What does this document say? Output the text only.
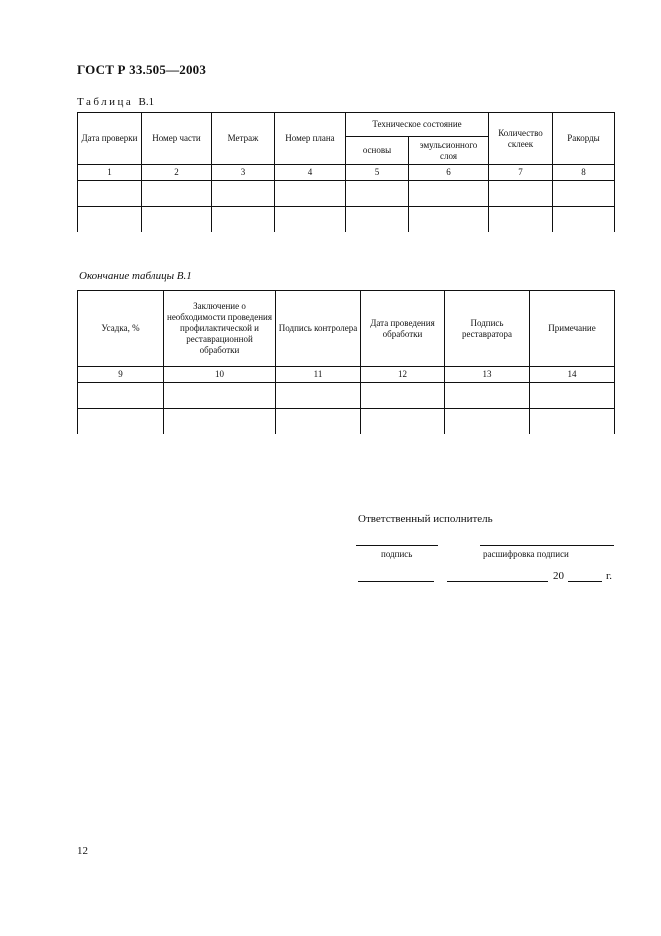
ГОСТ Р 33.505—2003
Таблица В.1
Дата проверки	Номер части	Метраж	Номер плана	Техническое состояние		Количество склеек	Ракорды
				основы	эмульсионного слоя		
1	2	3	4	5	6	7	8

Окончание таблицы В.1
Усадка, %	Заключение о необходимости проведения профилактической и реставрационной обработки	Подпись контролера	Дата проведения обработки	Подпись реставратора	Примечание
9	10	11	12	13	14

Ответственный исполнитель
подпись	расшифровка подписи
20	г.
12
